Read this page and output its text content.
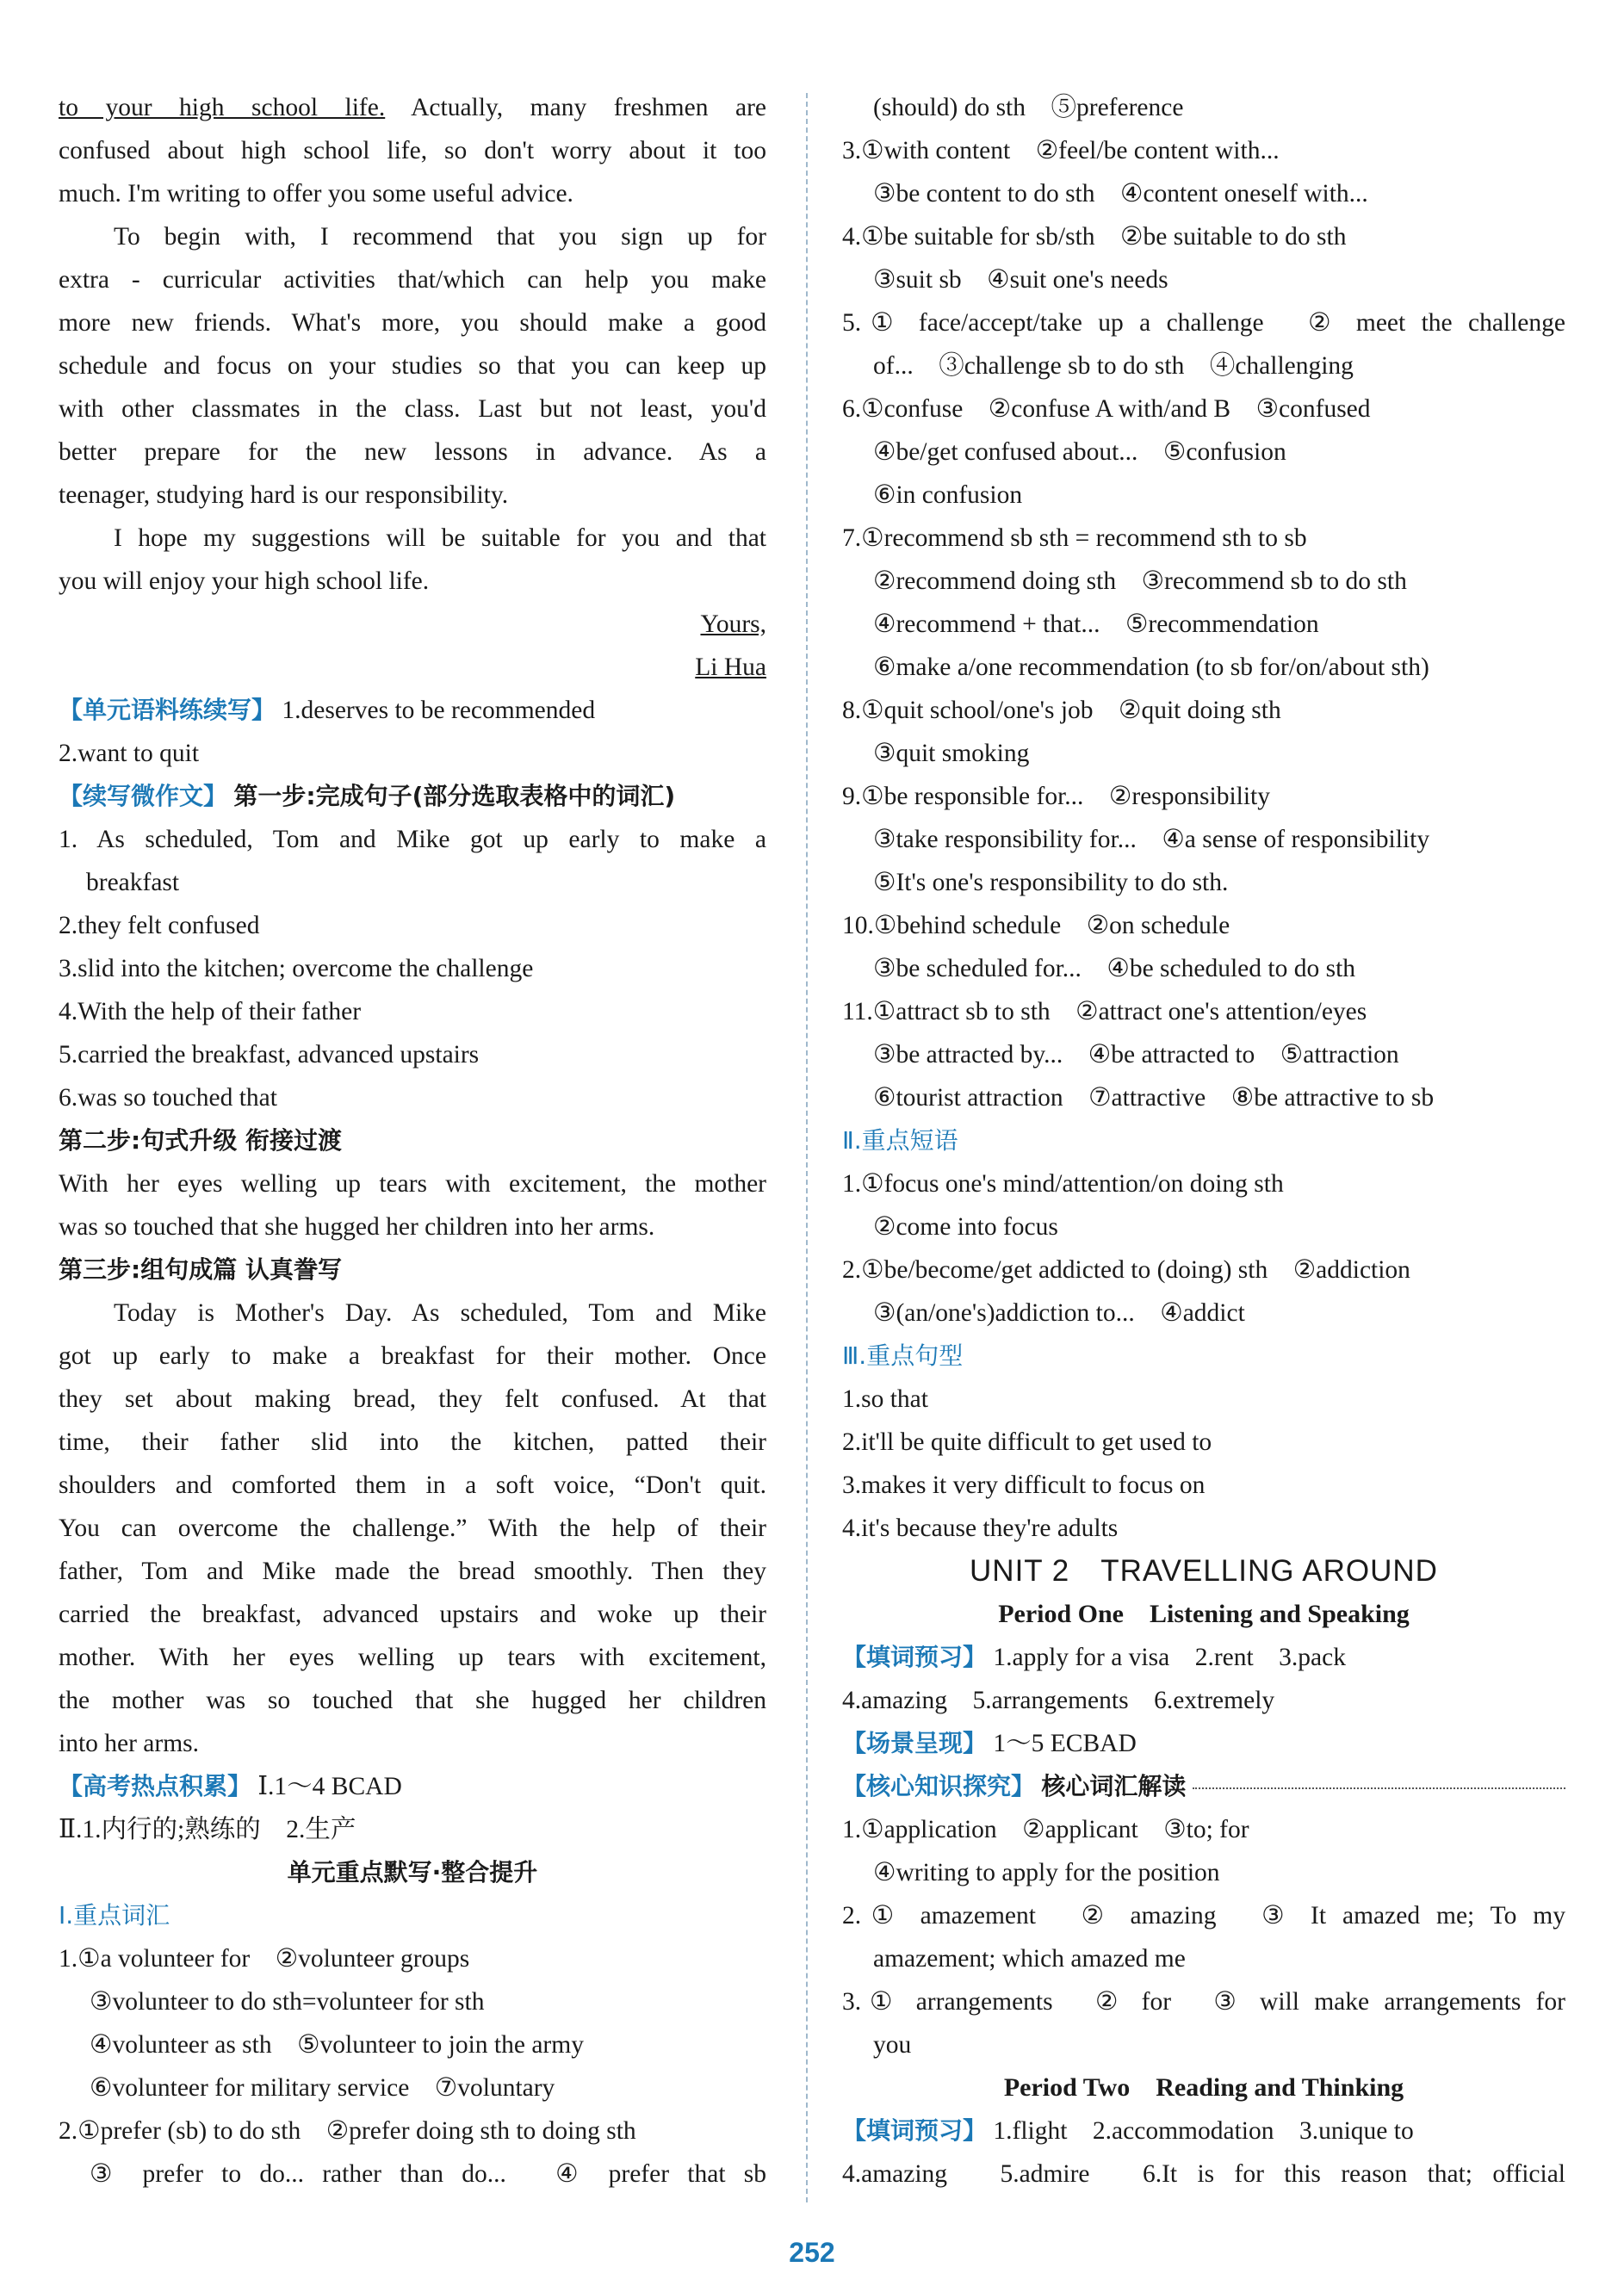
to your high school life. Actually, many freshmen are
confused about high school life, so don't worry about it too
much. I'm writing to offer you some useful advice.
To begin with, I recommend that you sign up for
extra - curricular activities that/which can help you make
more new friends. What's more, you should make a good
schedule and focus on your studies so that you can keep up
with other classmates in the class. Last but not least, you'd
better prepare for the new lessons in advance. As a
teenager, studying hard is our responsibility.
I hope my suggestions will be suitable for you and that
you will enjoy your high school life.
Yours,
Li Hua
【单元语料练续写】 1.deserves to be recommended
2.want to quit
【续写微作文】 第一步:完成句子(部分选取表格中的词汇)
1. As scheduled, Tom and Mike got up early to make a
breakfast
2.they felt confused
3.slid into the kitchen; overcome the challenge
4.With the help of their father
5.carried the breakfast, advanced upstairs
6.was so touched that
第二步:句式升级 衔接过渡
With her eyes welling up tears with excitement, the mother
was so touched that she hugged her children into her arms.
第三步:组句成篇 认真誊写
Today is Mother's Day. As scheduled, Tom and Mike
got up early to make a breakfast for their mother. Once
they set about making bread, they felt confused. At that
time, their father slid into the kitchen, patted their
shoulders and comforted them in a soft voice, “Don't quit.
You can overcome the challenge.” With the help of their
father, Tom and Mike made the bread smoothly. Then they
carried the breakfast, advanced upstairs and woke up their
mother. With her eyes welling up tears with excitement,
the mother was so touched that she hugged her children
into her arms.
【高考热点积累】 Ⅰ.1～4 BCAD
Ⅱ.1.内行的;熟练的　2.生产
单元重点默写·整合提升
Ⅰ.重点词汇
1.①a volunteer for　②volunteer groups
③volunteer to do sth=volunteer for sth
④volunteer as sth　⑤volunteer to join the army
⑥volunteer for military service　⑦voluntary
2.①prefer (sb) to do sth　②prefer doing sth to doing sth
③ prefer to do... rather than do...　④ prefer that sb
(should) do sth　⑤preference
3.①with content　②feel/be content with...
③be content to do sth　④content oneself with...
4.①be suitable for sb/sth　②be suitable to do sth
③suit sb　④suit one's needs
5.① face/accept/take up a challenge　② meet the challenge
of...　③challenge sb to do sth　④challenging
6.①confuse　②confuse A with/and B　③confused
④be/get confused about...　⑤confusion
⑥in confusion
7.①recommend sb sth = recommend sth to sb
②recommend doing sth　③recommend sb to do sth
④recommend + that...　⑤recommendation
⑥make a/one recommendation (to sb for/on/about sth)
8.①quit school/one's job　②quit doing sth
③quit smoking
9.①be responsible for...　②responsibility
③take responsibility for...　④a sense of responsibility
⑤It's one's responsibility to do sth.
10.①behind schedule　②on schedule
③be scheduled for...　④be scheduled to do sth
11.①attract sb to sth　②attract one's attention/eyes
③be attracted by...　④be attracted to　⑤attraction
⑥tourist attraction　⑦attractive　⑧be attractive to sb
Ⅱ.重点短语
1.①focus one's mind/attention/on doing sth
②come into focus
2.①be/become/get addicted to (doing) sth　②addiction
③(an/one's)addiction to...　④addict
Ⅲ.重点句型
1.so that
2.it'll be quite difficult to get used to
3.makes it very difficult to focus on
4.it's because they're adults
UNIT 2　TRAVELLING AROUND
Period One　Listening and Speaking
【填词预习】 1.apply for a visa　2.rent　3.pack
4.amazing　5.arrangements　6.extremely
【场景呈现】 1～5 ECBAD
【核心知识探究】
核心词汇解读
1.①application　②applicant　③to; for
④writing to apply for the position
2.① amazement　② amazing　③ It amazed me; To my
amazement; which amazed me
3.① arrangements　② for　③ will make arrangements for
you
Period Two　Reading and Thinking
【填词预习】 1.flight　2.accommodation　3.unique to
4.amazing　5.admire　6.It is for this reason that; official
252
